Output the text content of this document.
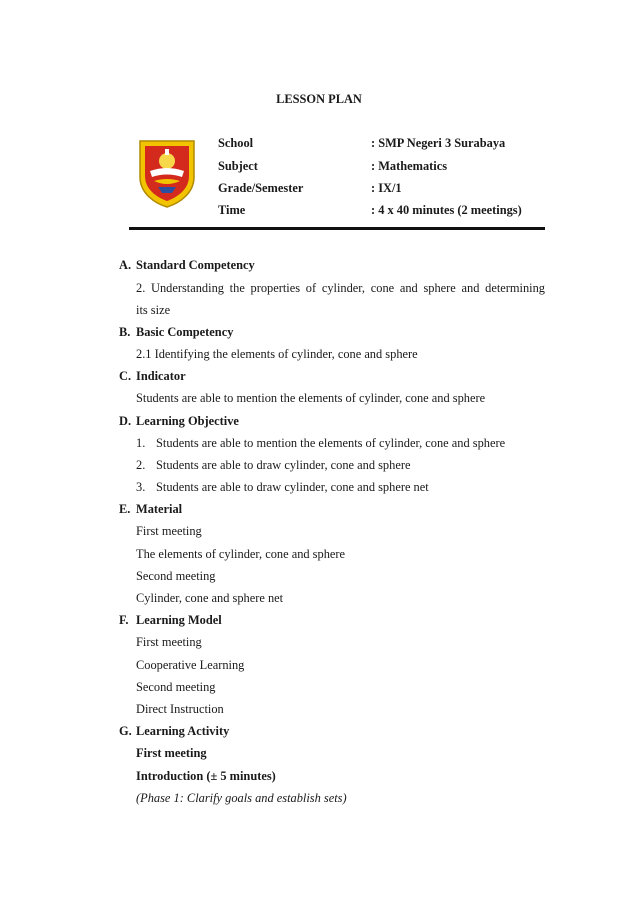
LESSON PLAN
School	: SMP Negeri 3 Surabaya
Subject	: Mathematics
Grade/Semester	: IX/1
Time	: 4 x 40 minutes (2 meetings)
A. Standard Competency
2. Understanding the properties of cylinder, cone and sphere and determining
its size
B. Basic Competency
2.1 Identifying the elements of cylinder, cone and sphere
C. Indicator
Students are able to mention the elements of cylinder, cone and sphere
D. Learning Objective
1. Students are able to mention the elements of cylinder, cone and sphere
2. Students are able to draw cylinder, cone and sphere
3. Students are able to draw cylinder, cone and sphere net
E. Material
First meeting
The elements of cylinder, cone and sphere
Second meeting
Cylinder, cone and sphere net
F. Learning Model
First meeting
Cooperative Learning
Second meeting
Direct Instruction
G. Learning Activity
First meeting
Introduction (± 5 minutes)
(Phase 1: Clarify goals and establish sets)
